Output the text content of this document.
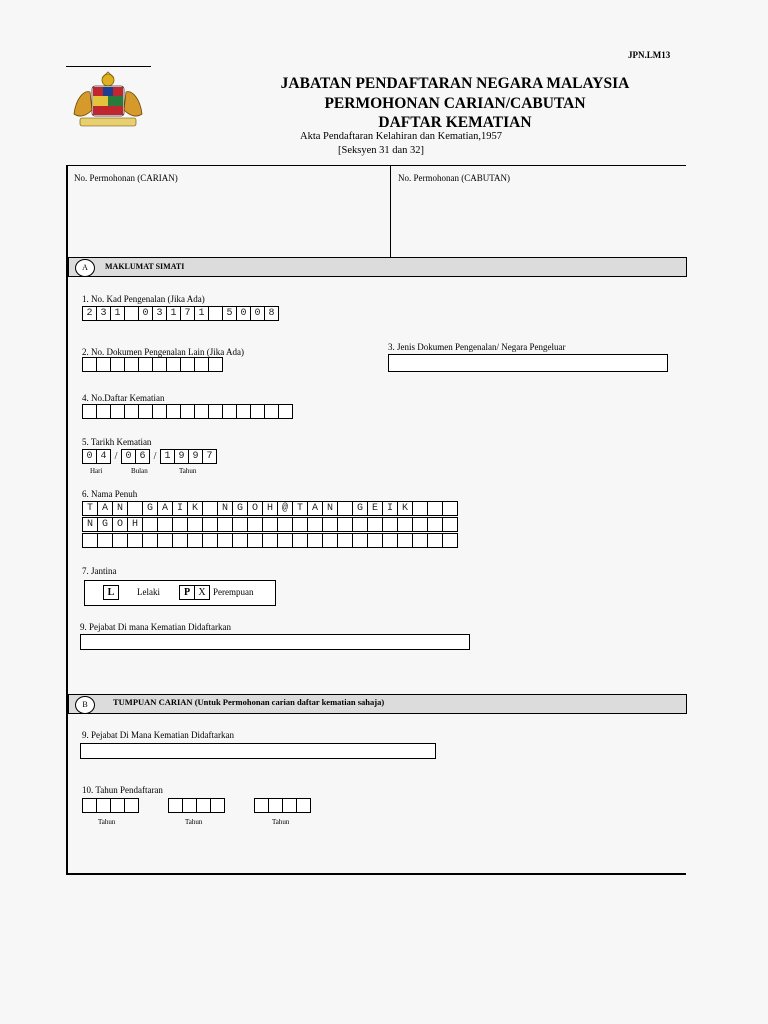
JPN.LM13
JABATAN PENDAFTARAN NEGARA MALAYSIA
PERMOHONAN CARIAN/CABUTAN
DAFTAR KEMATIAN
Akta Pendaftaran Kelahiran dan Kematian,1957
[Seksyen 31 dan 32]
No. Permohonan (CARIAN)	No. Permohonan (CABUTAN)
A	MAKLUMAT SIMATI
1. No. Kad Pengenalan (Jika Ada)
2 3 1	0 3 1 7 1	5 0 0 8
2. No. Dokumen Pengenalan Lain (Jika Ada)	3. Jenis Dokumen Pengenalan/ Negara Pengeluar
4. No.Daftar Kematian
5. Tarikh Kematian
0 4 / 0 6 / 1 9 9 7
Hari	Bulan	Tahun
6. Nama Penuh
T A N	G A I K	N G O H @ T A N	G E I K
N G O H
7. Jantina
L	Lelaki	P X Perempuan
9. Pejabat Di mana Kematian Didaftarkan
B	TUMPUAN CARIAN (Untuk Permohonan carian daftar kematian sahaja)
9. Pejabat Di Mana Kematian Didaftarkan
10. Tahun Pendaftaran
Tahun	Tahun	Tahun
